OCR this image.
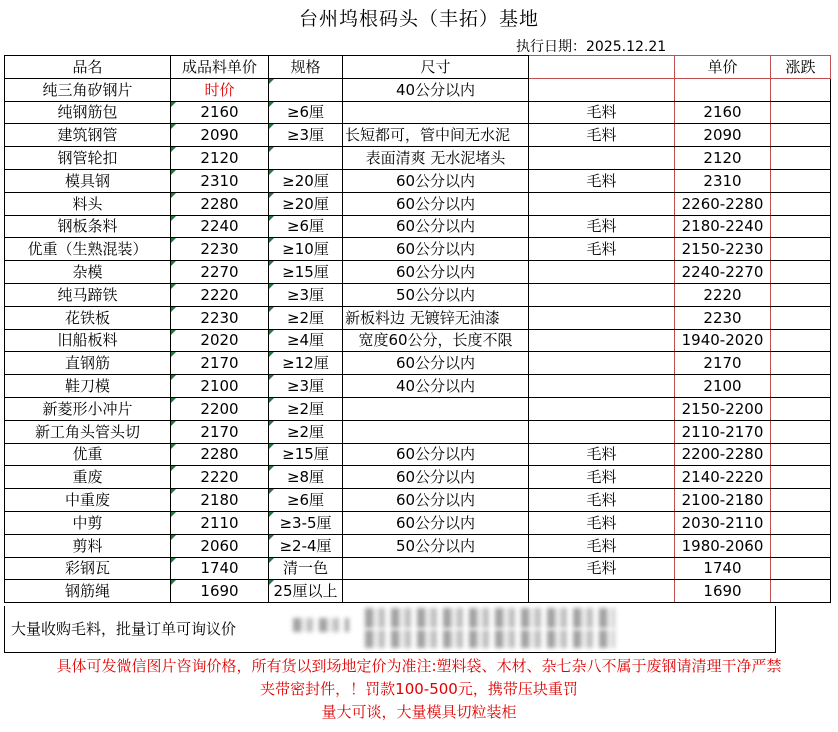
台州坞根码头（丰拓）基地
执行日期：2025.12.21
品名	成品料单价	规格	尺寸		单价	涨跌
纯三角矽钢片	时价		40公分以内			
纯钢筋包	2160	≥6厘		毛料	2160	
建筑钢管	2090	≥3厘	长短都可，管中间无水泥	毛料	2090	
钢管轮扣	2120		表面清爽 无水泥堵头		2120	
模具钢	2310	≥20厘	60公分以内	毛料	2310	
料头	2280	≥20厘	60公分以内		2260-2280	
钢板条料	2240	≥6厘	60公分以内	毛料	2180-2240	
优重（生熟混装）	2230	≥10厘	60公分以内	毛料	2150-2230	
杂模	2270	≥15厘	60公分以内		2240-2270	
纯马蹄铁	2220	≥3厘	50公分以内		2220	
花铁板	2230	≥2厘	新板料边 无镀锌无油漆		2230	
旧船板料	2020	≥4厘	宽度60公分，长度不限		1940-2020	
直钢筋	2170	≥12厘	60公分以内		2170	
鞋刀模	2100	≥3厘	40公分以内		2100	
新菱形小冲片	2200	≥2厘			2150-2200	
新工角头管头切	2170	≥2厘			2110-2170	
优重	2280	≥15厘	60公分以内	毛料	2200-2280	
重废	2220	≥8厘	60公分以内	毛料	2140-2220	
中重废	2180	≥6厘	60公分以内	毛料	2100-2180	
中剪	2110	≥3-5厘	60公分以内	毛料	2030-2110	
剪料	2060	≥2-4厘	50公分以内	毛料	1980-2060	
彩钢瓦	1740	清一色		毛料	1740	
钢筋绳	1690	25厘以上			1690	
大量收购毛料，批量订单可询议价
具体可发微信图片咨询价格，所有货以到场地定价为准注:塑料袋、木材、杂七杂八不属于废钢请清理干净严禁
夹带密封件，！罚款100-500元，携带压块重罚
量大可谈，大量模具切粒装柜
